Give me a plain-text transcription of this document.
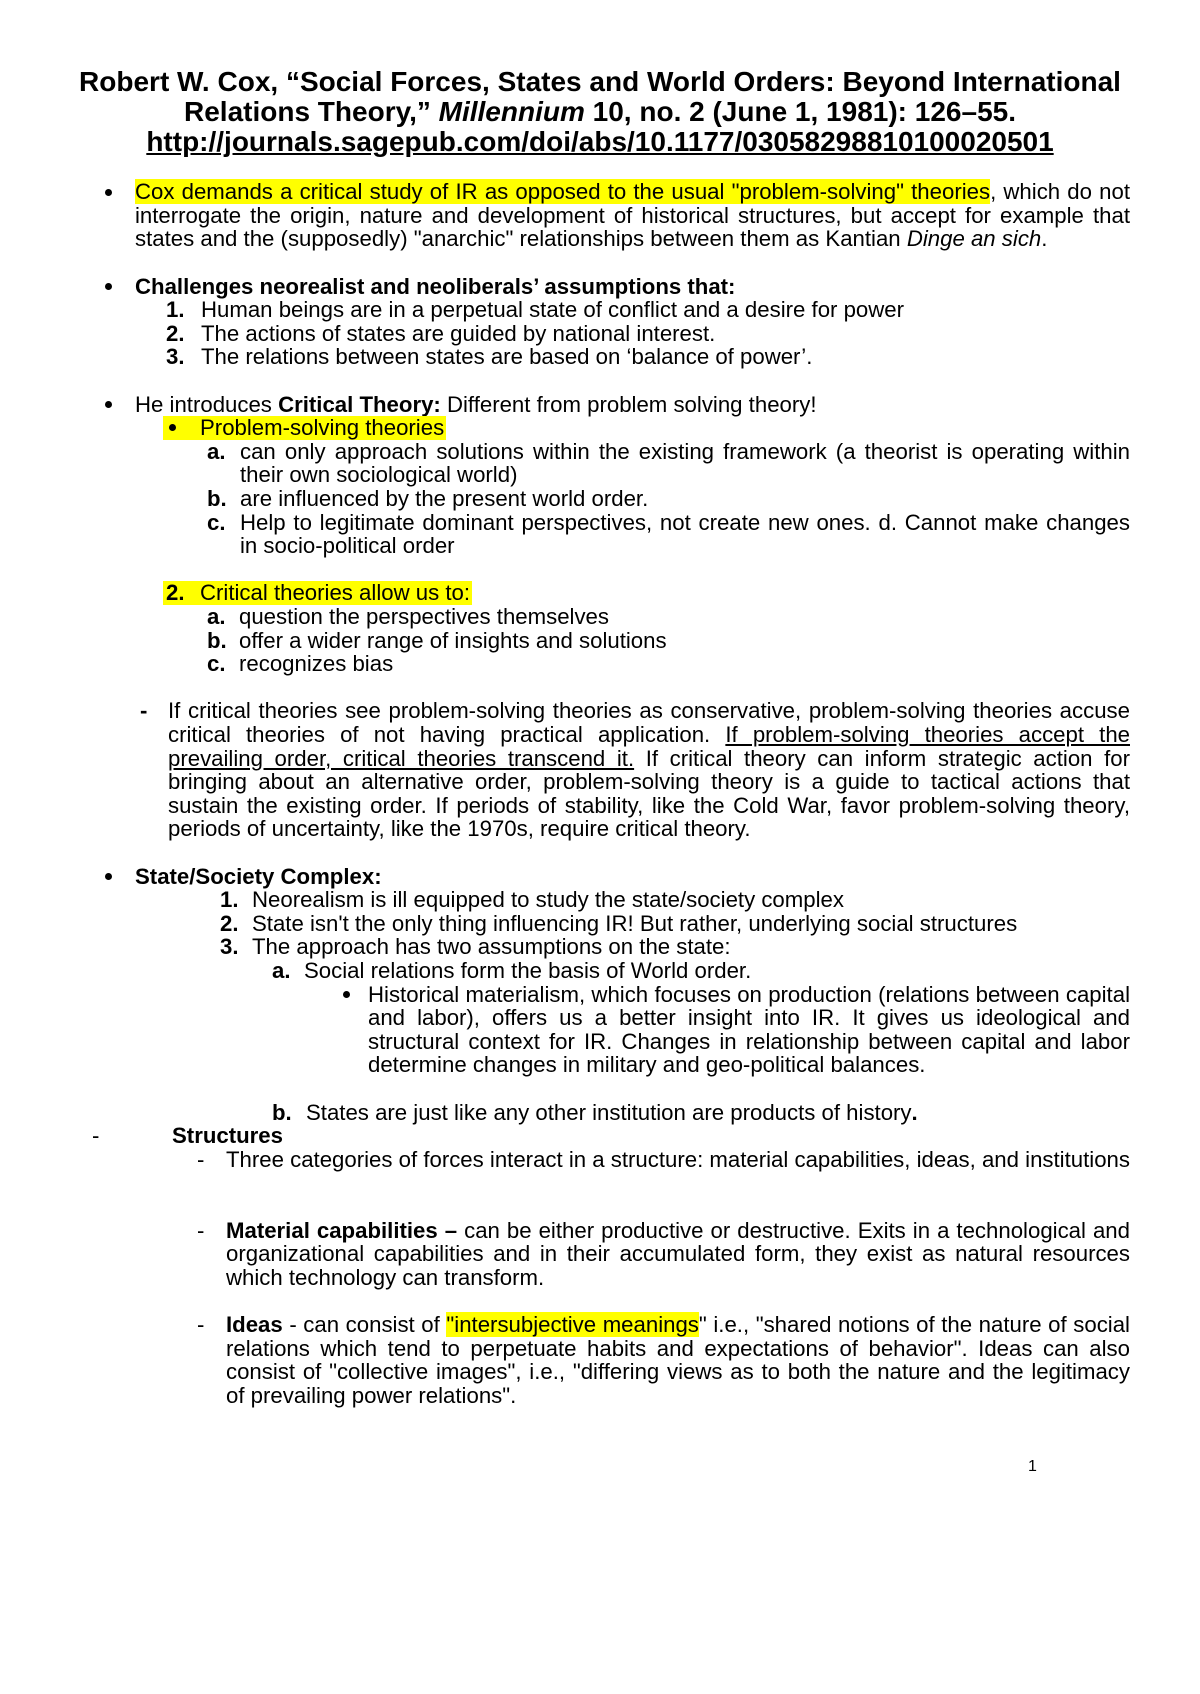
Robert W. Cox, “Social Forces, States and World Orders: Beyond International
Relations Theory,” Millennium 10, no. 2 (June 1, 1981): 126–55.
http://journals.sagepub.com/doi/abs/10.1177/03058298810100020501
Cox demands a critical study of IR as opposed to the usual "problem-solving" theories, which do not interrogate the origin, nature and development of historical structures, but accept for example that states and the (supposedly) "anarchic" relationships between them as Kantian Dinge an sich.
Challenges neorealist and neoliberals’ assumptions that:
1. Human beings are in a perpetual state of conflict and a desire for power
2. The actions of states are guided by national interest.
3. The relations between states are based on ‘balance of power’.
He introduces Critical Theory: Different from problem solving theory!
Problem-solving theories
a. can only approach solutions within the existing framework (a theorist is operating within their own sociological world)
b. are influenced by the present world order.
c. Help to legitimate dominant perspectives, not create new ones. d. Cannot make changes in socio-political order
2. Critical theories allow us to:
a. question the perspectives themselves
b. offer a wider range of insights and solutions
c. recognizes bias
- If critical theories see problem-solving theories as conservative, problem-solving theories accuse critical theories of not having practical application. If problem-solving theories accept the prevailing order, critical theories transcend it. If critical theory can inform strategic action for bringing about an alternative order, problem-solving theory is a guide to tactical actions that sustain the existing order. If periods of stability, like the Cold War, favor problem-solving theory, periods of uncertainty, like the 1970s, require critical theory.
State/Society Complex:
1. Neorealism is ill equipped to study the state/society complex
2. State isn't the only thing influencing IR! But rather, underlying social structures
3. The approach has two assumptions on the state:
a. Social relations form the basis of World order.
Historical materialism, which focuses on production (relations between capital and labor), offers us a better insight into IR. It gives us ideological and structural context for IR. Changes in relationship between capital and labor determine changes in military and geo-political balances.
b. States are just like any other institution are products of history.
-	Structures
- Three categories of forces interact in a structure: material capabilities, ideas, and institutions
- Material capabilities – can be either productive or destructive. Exits in a technological and organizational capabilities and in their accumulated form, they exist as natural resources which technology can transform.
- Ideas - can consist of "intersubjective meanings" i.e., "shared notions of the nature of social relations which tend to perpetuate habits and expectations of behavior". Ideas can also consist of "collective images", i.e., "differing views as to both the nature and the legitimacy of prevailing power relations".
1
